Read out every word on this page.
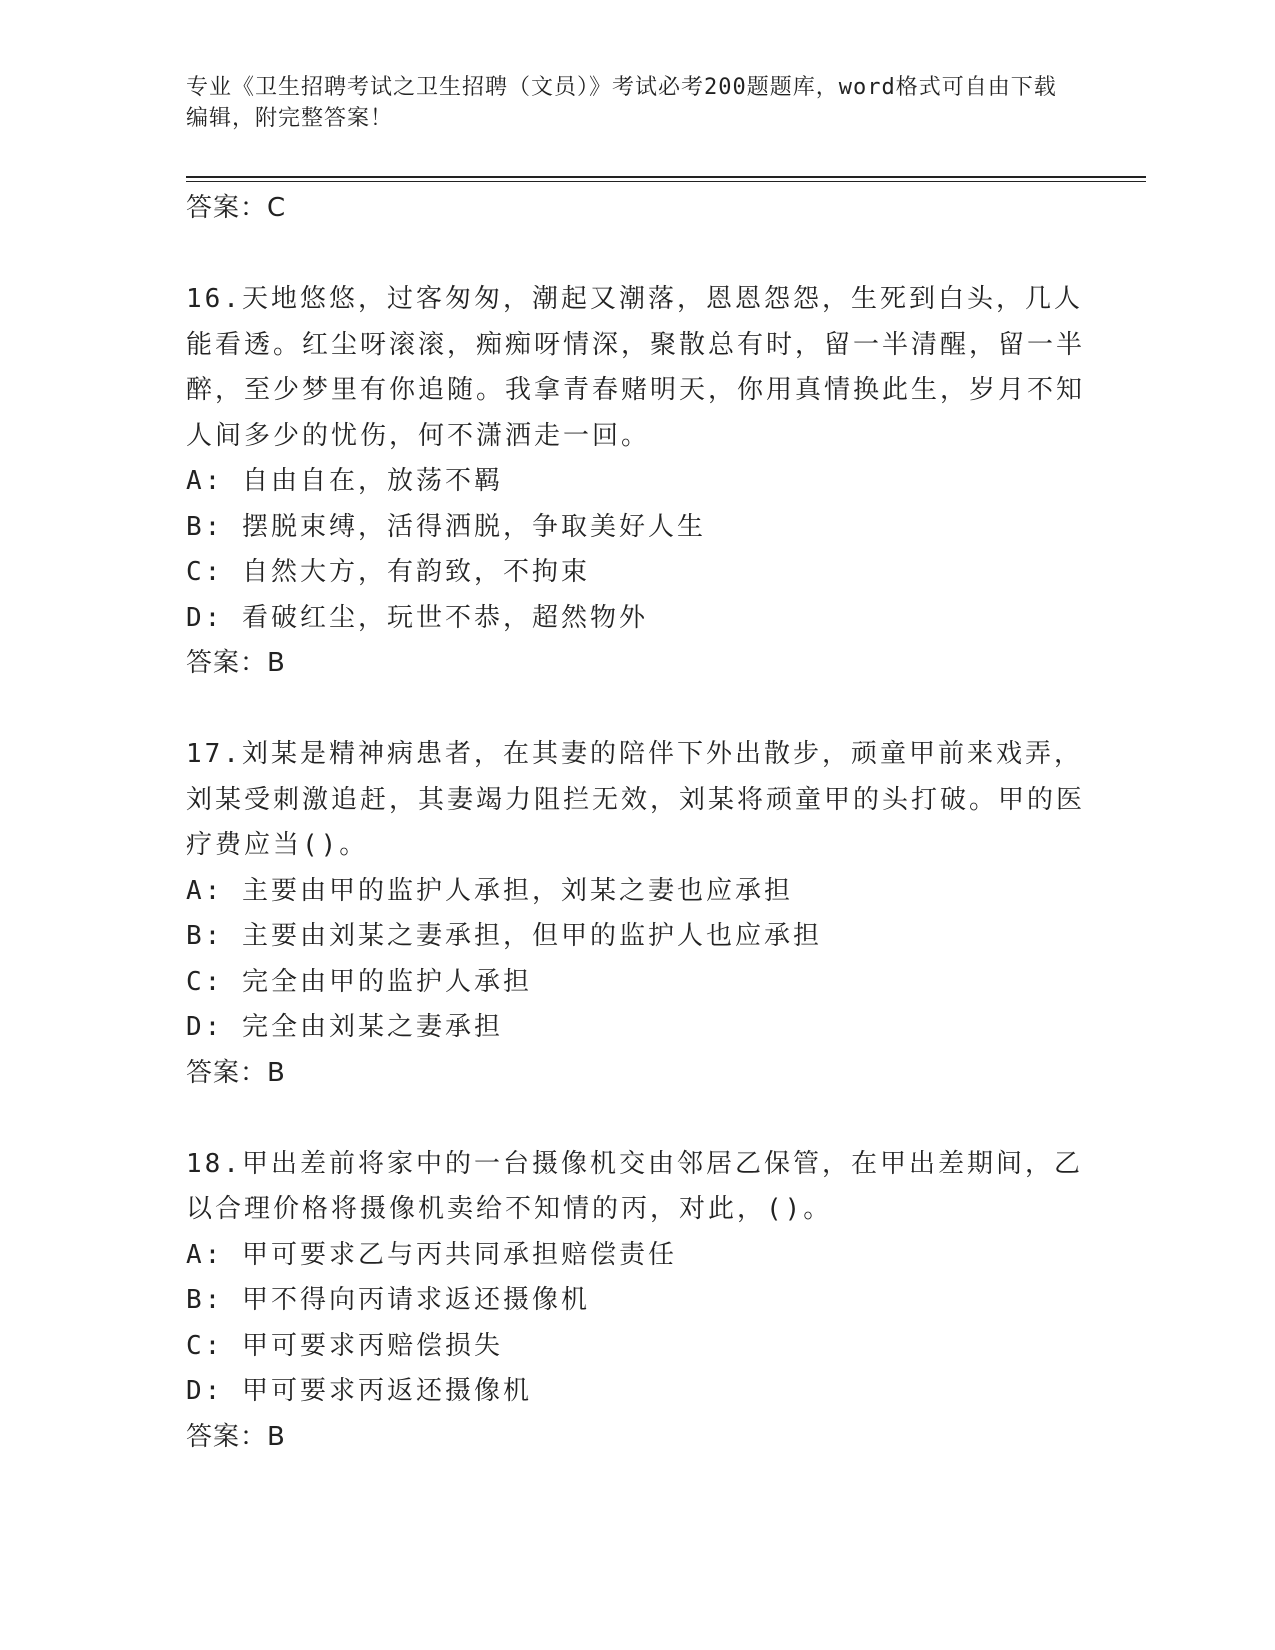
专业《卫生招聘考试之卫生招聘（文员）》考试必考200题题库，word格式可自由下载编辑，附完整答案！
答案：C
16.天地悠悠，过客匆匆，潮起又潮落，恩恩怨怨，生死到白头，几人能看透。红尘呀滚滚，痴痴呀情深，聚散总有时，留一半清醒，留一半醉，至少梦里有你追随。我拿青春赌明天，你用真情换此生，岁月不知人间多少的忧伤，何不潇洒走一回。
A: 自由自在，放荡不羁
B: 摆脱束缚，活得洒脱，争取美好人生
C: 自然大方，有韵致，不拘束
D: 看破红尘，玩世不恭，超然物外
答案：B
17.刘某是精神病患者，在其妻的陪伴下外出散步，顽童甲前来戏弄，刘某受刺激追赶，其妻竭力阻拦无效，刘某将顽童甲的头打破。甲的医疗费应当()。
A: 主要由甲的监护人承担，刘某之妻也应承担
B: 主要由刘某之妻承担，但甲的监护人也应承担
C: 完全由甲的监护人承担
D: 完全由刘某之妻承担
答案：B
18.甲出差前将家中的一台摄像机交由邻居乙保管，在甲出差期间，乙以合理价格将摄像机卖给不知情的丙，对此，()。
A: 甲可要求乙与丙共同承担赔偿责任
B: 甲不得向丙请求返还摄像机
C: 甲可要求丙赔偿损失
D: 甲可要求丙返还摄像机
答案：B
